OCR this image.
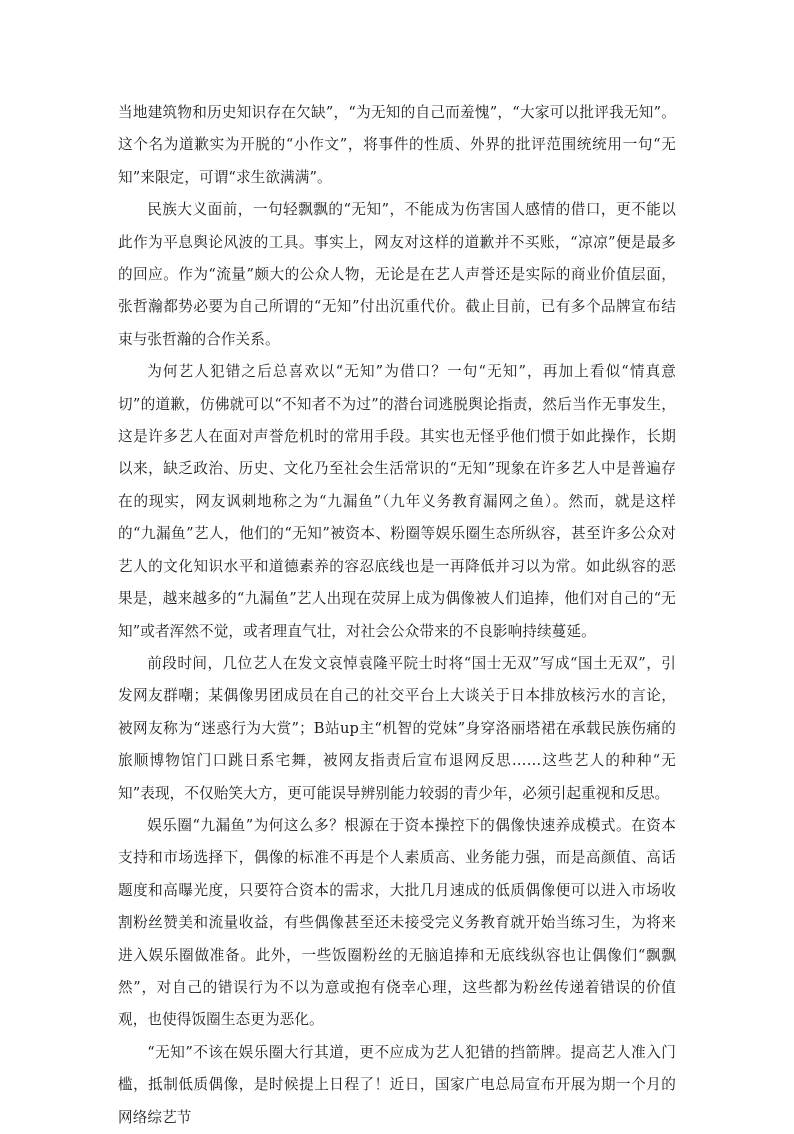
当地建筑物和历史知识存在欠缺”，“为无知的自己而羞愧”，“大家可以批评我无知”。这个名为道歉实为开脱的“小作文”，将事件的性质、外界的批评范围统统用一句“无知”来限定，可谓“求生欲满满”。

民族大义面前，一句轻飘飘的“无知”，不能成为伤害国人感情的借口，更不能以此作为平息舆论风波的工具。事实上，网友对这样的道歉并不买账，“凉凉”便是最多的回应。作为“流量”颇大的公众人物，无论是在艺人声誉还是实际的商业价值层面，张哲瀚都势必要为自己所谓的“无知”付出沉重代价。截止目前，已有多个品牌宣布结束与张哲瀚的合作关系。

为何艺人犯错之后总喜欢以“无知”为借口？一句“无知”，再加上看似“情真意切”的道歉，仿佛就可以“不知者不为过”的潜台词逃脱舆论指责，然后当作无事发生，这是许多艺人在面对声誉危机时的常用手段。其实也无怪乎他们惯于如此操作，长期以来，缺乏政治、历史、文化乃至社会生活常识的“无知”现象在许多艺人中是普遍存在的现实，网友讽刺地称之为“九漏鱼”（九年义务教育漏网之鱼）。然而，就是这样的“九漏鱼”艺人，他们的“无知”被资本、粉圈等娱乐圈生态所纵容，甚至许多公众对艺人的文化知识水平和道德素养的容忍底线也是一再降低并习以为常。如此纵容的恶果是，越来越多的“九漏鱼”艺人出现在荧屏上成为偶像被人们追捧，他们对自己的“无知”或者浑然不觉，或者理直气壮，对社会公众带来的不良影响持续蔓延。

前段时间，几位艺人在发文哀悼袁隆平院士时将“国士无双”写成“国土无双”，引发网友群嘲；某偶像男团成员在自己的社交平台上大谈关于日本排放核污水的言论，被网友称为“迷惑行为大赏”；B站up主“机智的党妹”身穿洛丽塔裙在承载民族伤痛的旅顺博物馆门口跳日系宅舞，被网友指责后宣布退网反思……这些艺人的种种“无知”表现，不仅贻笑大方，更可能误导辨别能力较弱的青少年，必须引起重视和反思。

娱乐圈“九漏鱼”为何这么多？根源在于资本操控下的偶像快速养成模式。在资本支持和市场选择下，偶像的标准不再是个人素质高、业务能力强，而是高颜值、高话题度和高曝光度，只要符合资本的需求，大批几月速成的低质偶像便可以进入市场收割粉丝赞美和流量收益，有些偶像甚至还未接受完义务教育就开始当练习生，为将来进入娱乐圈做准备。此外，一些饭圈粉丝的无脑追捧和无底线纵容也让偶像们“飘飘然”，对自己的错误行为不以为意或抱有侥幸心理，这些都为粉丝传递着错误的价值观，也使得饭圈生态更为恶化。

“无知”不该在娱乐圈大行其道，更不应成为艺人犯错的挡箭牌。提高艺人准入门槛，抵制低质偶像，是时候提上日程了！近日，国家广电总局宣布开展为期一个月的网络综艺节
